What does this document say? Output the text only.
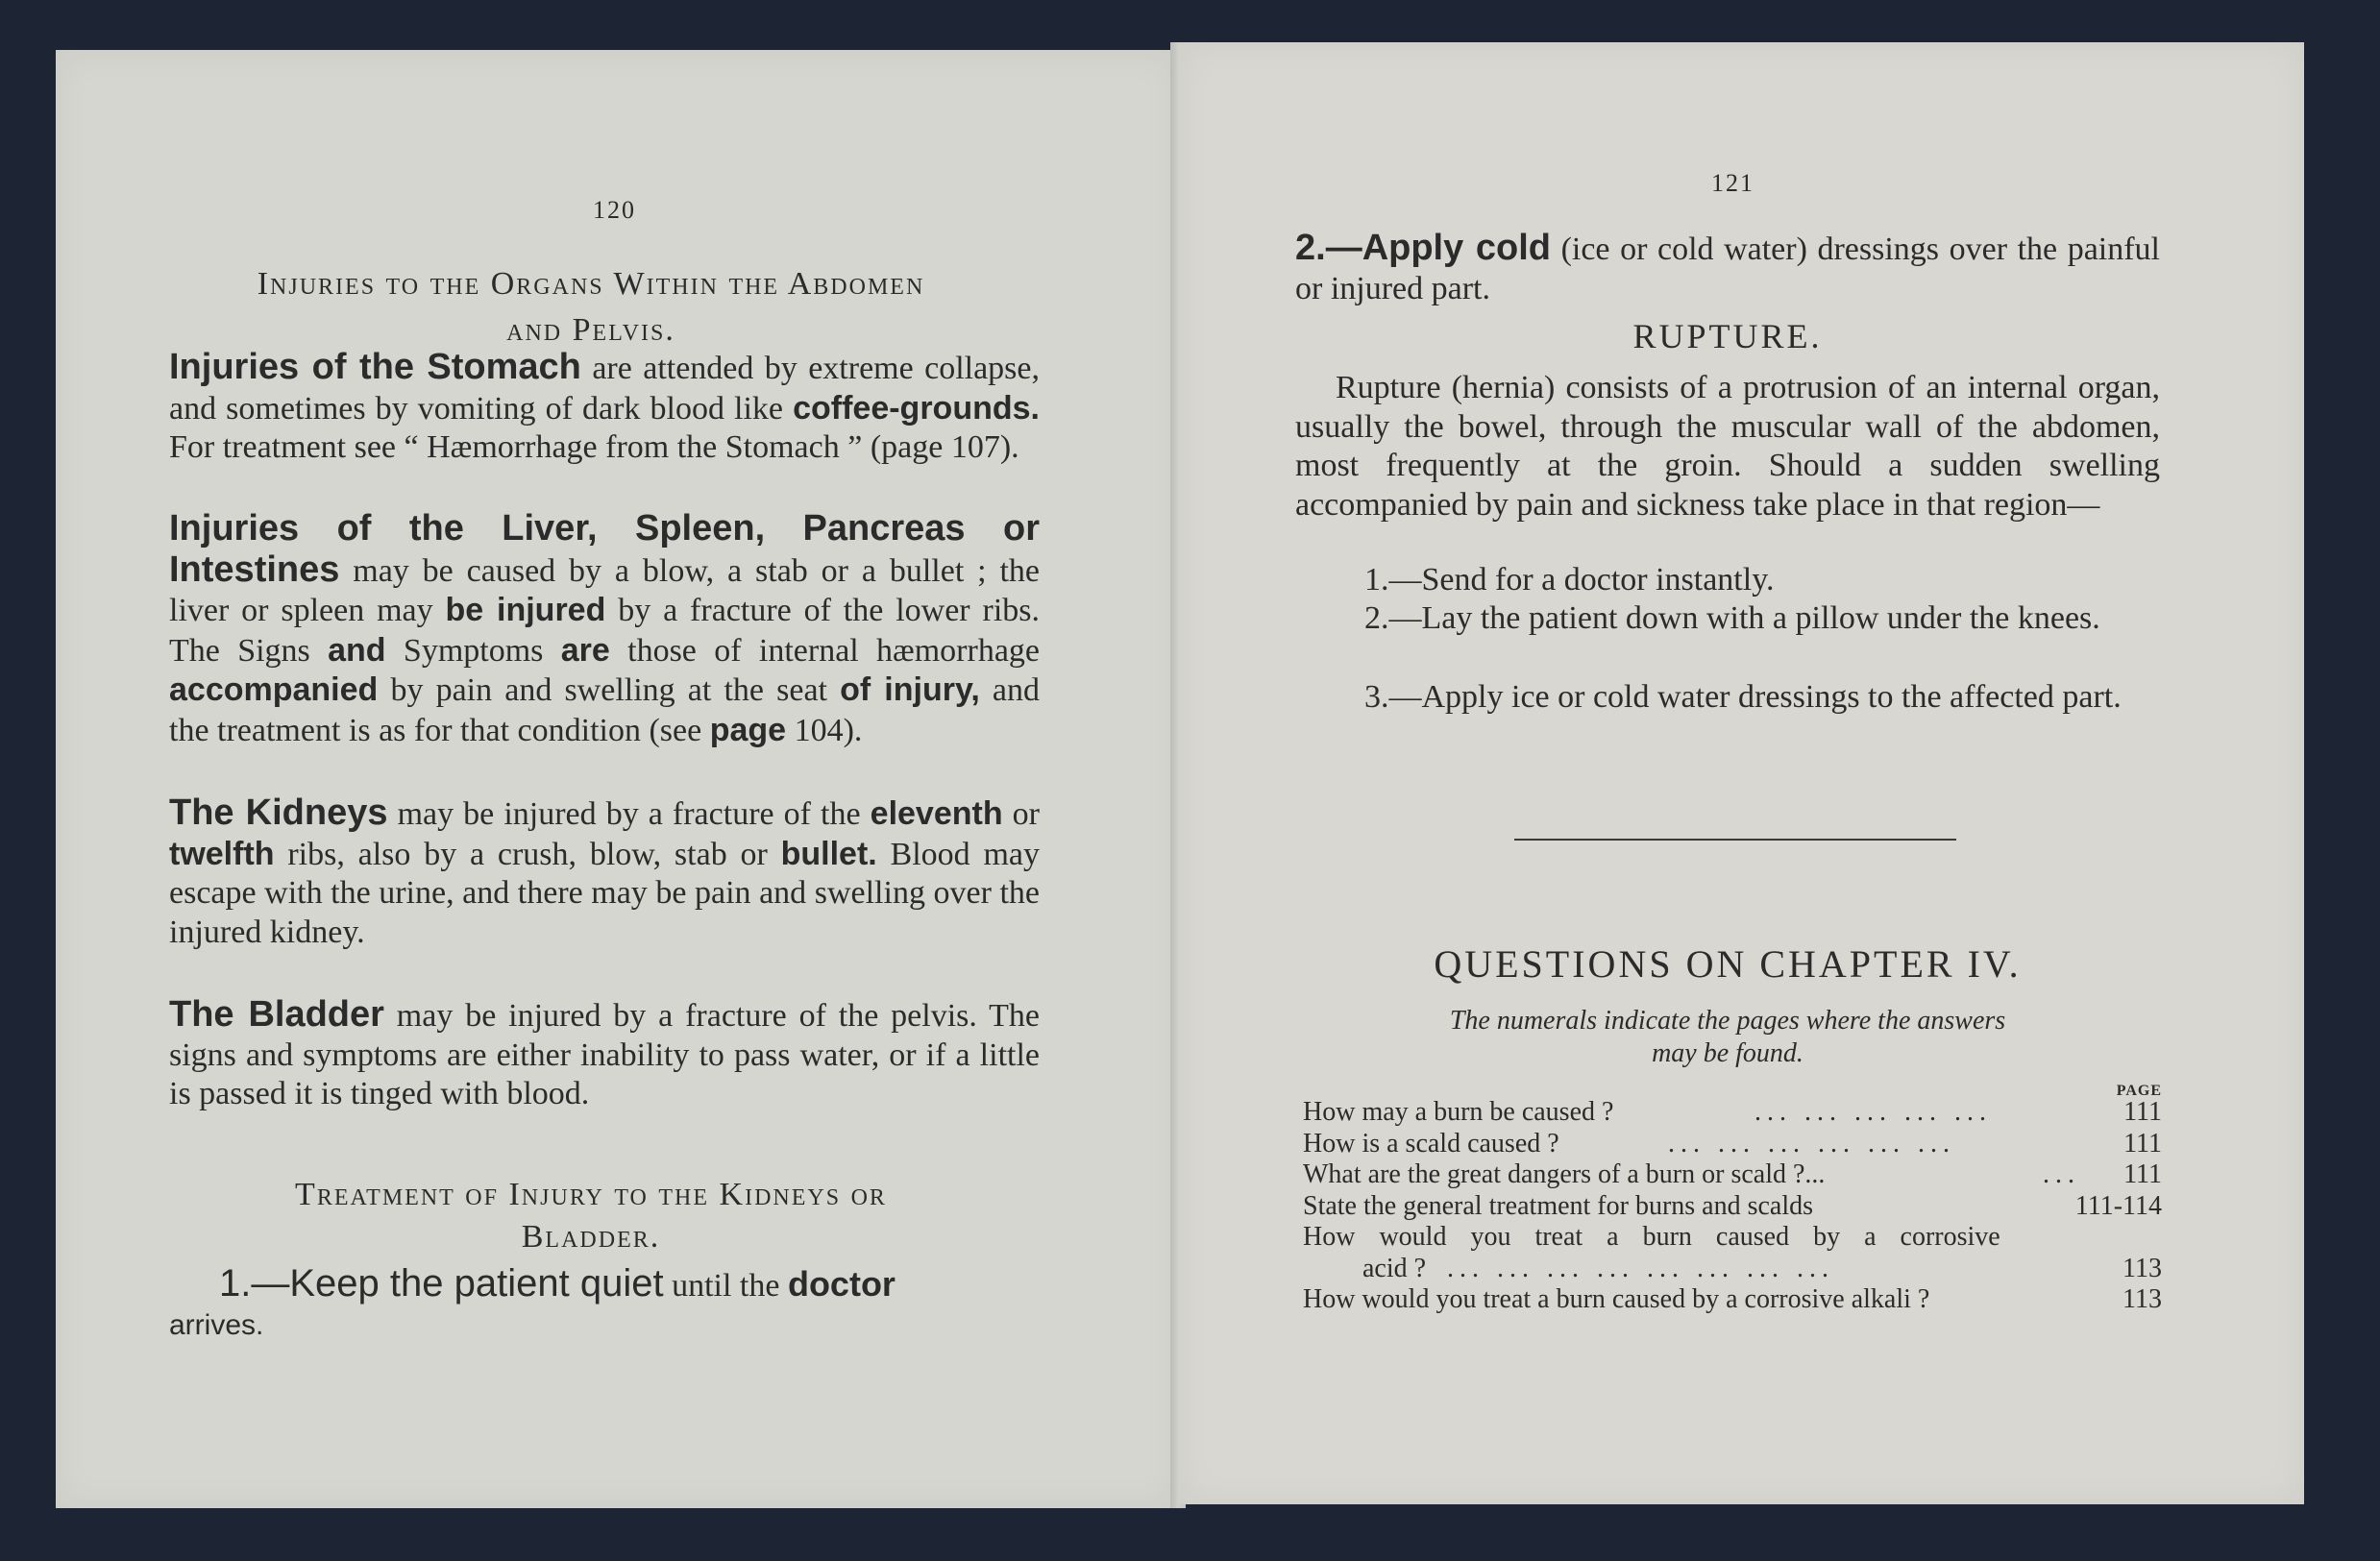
120
Injuries to the Organs Within the Abdomen
and Pelvis.
Injuries of the Stomach are attended by extreme collapse, and sometimes by vomiting of dark blood like coffee-grounds. For treatment see “ Hæmorrhage from the Stomach ” (page 107).
Injuries of the Liver, Spleen, Pancreas or Intestines may be caused by a blow, a stab or a bullet ; the liver or spleen may be injured by a fracture of the lower ribs. The Signs and Symptoms are those of internal hæmorrhage accompanied by pain and swelling at the seat of injury, and the treatment is as for that condition (see page 104).
The Kidneys may be injured by a fracture of the eleventh or twelfth ribs, also by a crush, blow, stab or bullet. Blood may escape with the urine, and there may be pain and swelling over the injured kidney.
The Bladder may be injured by a fracture of the pelvis. The signs and symptoms are either inability to pass water, or if a little is passed it is tinged with blood.
Treatment of Injury to the Kidneys or
Bladder.
1.—Keep the patient quiet until the doctor
arrives.
121
2.—Apply cold (ice or cold water) dressings over the painful or injured part.
RUPTURE.
Rupture (hernia) consists of a protrusion of an internal organ, usually the bowel, through the muscular wall of the abdomen, most frequently at the groin. Should a sudden swelling accompanied by pain and sickness take place in that region—
1.—Send for a doctor instantly.
2.—Lay the patient down with a pillow under the knees.
3.—Apply ice or cold water dressings to the affected part.
QUESTIONS ON CHAPTER IV.
The numerals indicate the pages where the answers
may be found.
PAGE
How may a burn be caused ?	... ... ... ... ...	111
How is a scald caused ?	... ... ... ... ... ...	111
What are the great dangers of a burn or scald ?...	... 111
State the general treatment for burns and scalds	111-114
How would you treat a burn caused by a corrosive
acid ? ... ... ... ... ... ... ... ...	113
How would you treat a burn caused by a corrosive alkali ?	113
